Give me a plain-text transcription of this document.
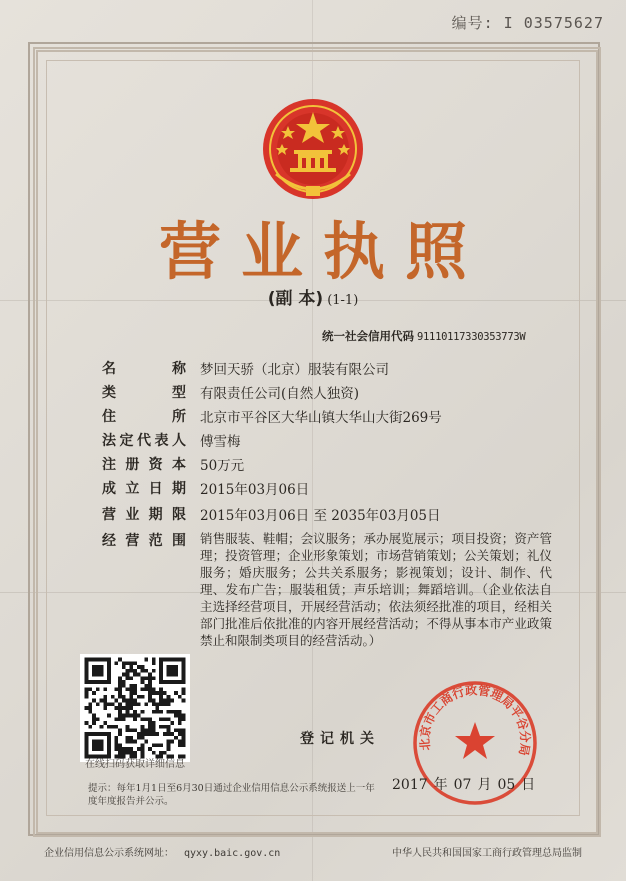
编号: I 03575627
营业执照
(副 本) (1-1)
统一社会信用代码 91110117330353773W
名	称 梦回天骄（北京）服装有限公司
类	型 有限责任公司(自然人独资)
住	所 北京市平谷区大华山镇大华山大街269号
法 定 代 表 人 傅雪梅
注 册 资 本 50万元
成 立 日 期 2015年03月06日
营 业 期 限 2015年03月06日 至 2035年03月05日
经 营 范 围 销售服装、鞋帽；会议服务；承办展览展示；项目投资；资产管理；投资管理；企业形象策划；市场营销策划；公关策划；礼仪服务；婚庆服务；公共关系服务；影视策划；设计、制作、代理、发布广告；服装租赁；声乐培训；舞蹈培训。（企业依法自主选择经营项目，开展经营活动；依法须经批准的项目，经相关部门批准后依批准的内容开展经营活动；不得从事本市产业政策禁止和限制类项目的经营活动。）
在线扫码获取详细信息
登记机关	北京市工商行政管理局平谷分局
2017 年 07 月 05 日
提示：每年1月1日至6月30日通过企业信用信息公示系统报送上一年度年度报告并公示。
企业信用信息公示系统网址： qyxy.baic.gov.cn	中华人民共和国国家工商行政管理总局监制
